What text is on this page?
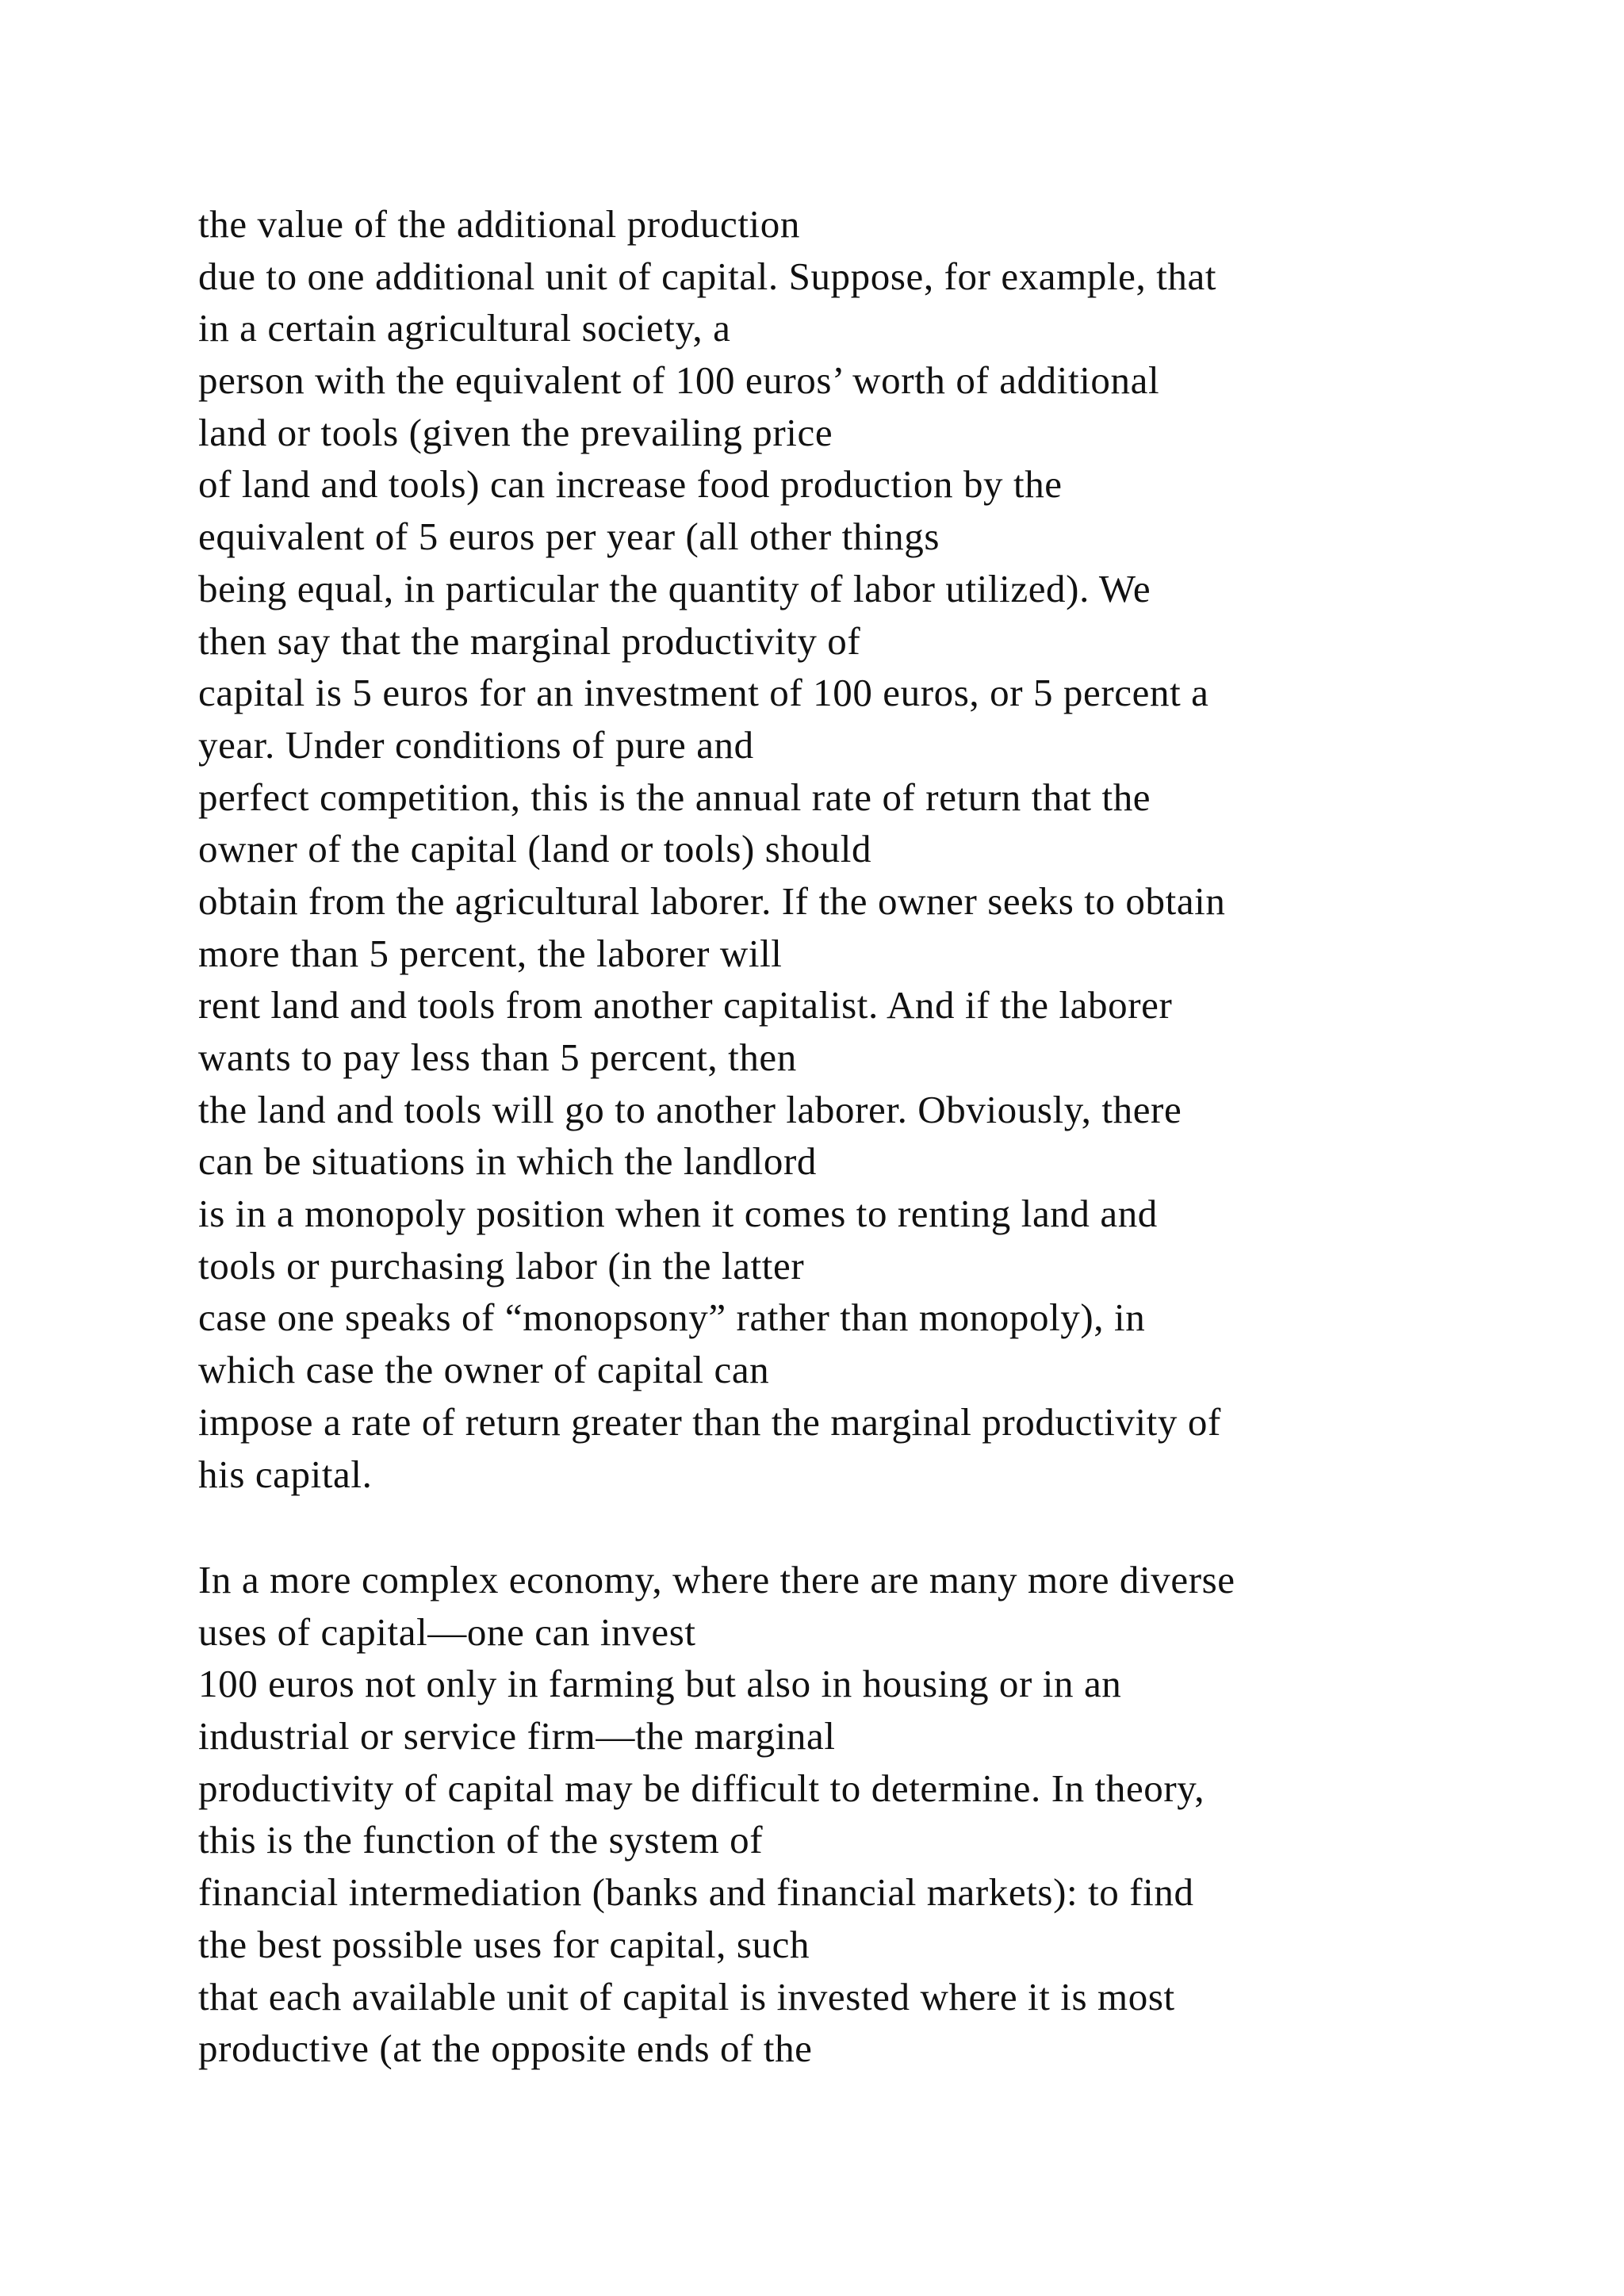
the value of the additional production
due to one additional unit of capital. Suppose, for example, that
in a certain agricultural society, a
person with the equivalent of 100 euros’ worth of additional
land or tools (given the prevailing price
of land and tools) can increase food production by the
equivalent of 5 euros per year (all other things
being equal, in particular the quantity of labor utilized). We
then say that the marginal productivity of
capital is 5 euros for an investment of 100 euros, or 5 percent a
year. Under conditions of pure and
perfect competition, this is the annual rate of return that the
owner of the capital (land or tools) should
obtain from the agricultural laborer. If the owner seeks to obtain
more than 5 percent, the laborer will
rent land and tools from another capitalist. And if the laborer
wants to pay less than 5 percent, then
the land and tools will go to another laborer. Obviously, there
can be situations in which the landlord
is in a monopoly position when it comes to renting land and
tools or purchasing labor (in the latter
case one speaks of “monopsony” rather than monopoly), in
which case the owner of capital can
impose a rate of return greater than the marginal productivity of
his capital.
In a more complex economy, where there are many more diverse
uses of capital—one can invest
100 euros not only in farming but also in housing or in an
industrial or service firm—the marginal
productivity of capital may be difficult to determine. In theory,
this is the function of the system of
financial intermediation (banks and financial markets): to find
the best possible uses for capital, such
that each available unit of capital is invested where it is most
productive (at the opposite ends of the
